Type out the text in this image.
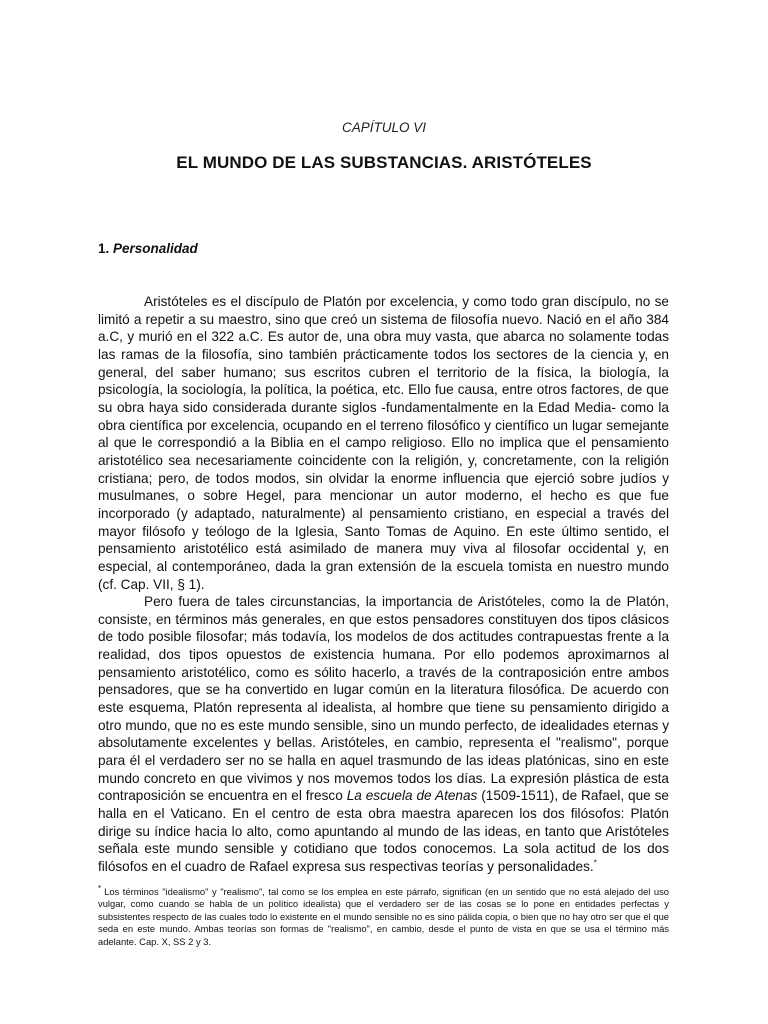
CAPÍTULO VI
EL MUNDO DE LAS SUBSTANCIAS. ARISTÓTELES
1. Personalidad

Aristóteles es el discípulo de Platón por excelencia, y como todo gran discípulo, no se limitó a repetir a su maestro, sino que creó un sistema de filosofía nuevo. Nació en el año 384 a.C, y murió en el 322 a.C. Es autor de, una obra muy vasta, que abarca no solamente todas las ramas de la filosofía, sino también prácticamente todos los sectores de la ciencia y, en general, del saber humano; sus escritos cubren el territorio de la física, la biología, la psicología, la sociología, la política, la poética, etc. Ello fue causa, entre otros factores, de que su obra haya sido considerada durante siglos -fundamentalmente en la Edad Media- como la obra científica por excelencia, ocupando en el terreno filosófico y científico un lugar semejante al que le correspondió a la Biblia en el campo religioso. Ello no implica que el pensamiento aristotélico sea necesariamente coincidente con la religión, y, concretamente, con la religión cristiana; pero, de todos modos, sin olvidar la enorme influencia que ejerció sobre judíos y musulmanes, o sobre Hegel, para mencionar un autor moderno, el hecho es que fue incorporado (y adaptado, naturalmente) al pensamiento cristiano, en especial a través del mayor filósofo y teólogo de la Iglesia, Santo Tomas de Aquino. En este último sentido, el pensamiento aristotélico está asimilado de manera muy viva al filosofar occidental y, en especial, al contemporáneo, dada la gran extensión de la escuela tomista en nuestro mundo (cf. Cap. VII, § 1).

Pero fuera de tales circunstancias, la importancia de Aristóteles, como la de Platón, consiste, en términos más generales, en que estos pensadores constituyen dos tipos clásicos de todo posible filosofar; más todavía, los modelos de dos actitudes contrapuestas frente a la realidad, dos tipos opuestos de existencia humana. Por ello podemos aproximarnos al pensamiento aristotélico, como es sólito hacerlo, a través de la contraposición entre ambos pensadores, que se ha convertido en lugar común en la literatura filosófica. De acuerdo con este esquema, Platón representa al idealista, al hombre que tiene su pensamiento dirigido a otro mundo, que no es este mundo sensible, sino un mundo perfecto, de idealidades eternas y absolutamente excelentes y bellas. Aristóteles, en cambio, representa el "realismo", porque para él el verdadero ser no se halla en aquel trasmundo de las ideas platónicas, sino en este mundo concreto en que vivimos y nos movemos todos los días. La expresión plástica de esta contraposición se encuentra en el fresco La escuela de Atenas (1509-1511), de Rafael, que se halla en el Vaticano. En el centro de esta obra maestra aparecen los dos filósofos: Platón dirige su índice hacia lo alto, como apuntando al mundo de las ideas, en tanto que Aristóteles señala este mundo sensible y cotidiano que todos conocemos. La sola actitud de los dos filósofos en el cuadro de Rafael expresa sus respectivas teorías y personalidades.*

* Los términos "idealismo" y "realismo", tal como se los emplea en este párrafo, significan (en un sentido que no está alejado del uso vulgar, como cuando se habla de un político idealista) que el verdadero ser de las cosas se lo pone en entidades perfectas y subsistentes respecto de las cuales todo lo existente en el mundo sensible no es sino pálida copia, o bien que no hay otro ser que el que seda en este mundo. Ambas teorías son formas de "realismo", en cambio, desde el punto de vista en que se usa el término más adelante. Cap. X, SS 2 y 3.
